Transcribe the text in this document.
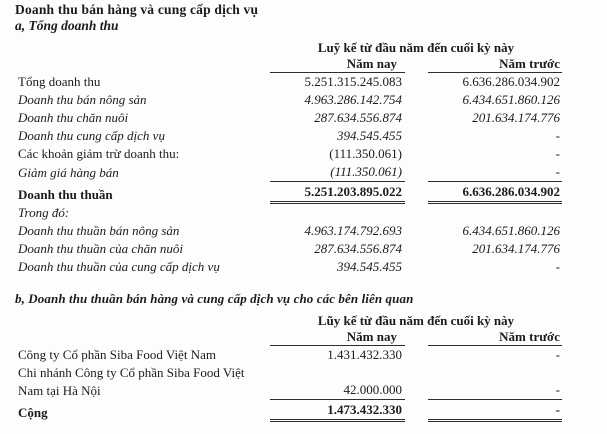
Doanh thu bán hàng và cung cấp dịch vụ
a, Tổng doanh thu
Luỹ kế từ đầu năm đến cuối kỳ này
Năm nay	Năm trước
Tổng doanh thu	5.251.315.245.083	6.636.286.034.902
Doanh thu bán nông sản	4.963.286.142.754	6.434.651.860.126
Doanh thu chăn nuôi	287.634.556.874	201.634.174.776
Doanh thu cung cấp dịch vụ	394.545.455	-
Các khoản giảm trừ doanh thu:	(111.350.061)	-
Giảm giá hàng bán	(111.350.061)	-
Doanh thu thuần	5.251.203.895.022	6.636.286.034.902
Trong đó:
Doanh thu thuần bán nông sản	4.963.174.792.693	6.434.651.860.126
Doanh thu thuần của chăn nuôi	287.634.556.874	201.634.174.776
Doanh thu thuần của cung cấp dịch vụ	394.545.455	-
b, Doanh thu thuần bán hàng và cung cấp dịch vụ cho các bên liên quan
Lũy kế từ đầu năm đến cuối kỳ này
Năm nay	Năm trước
Công ty Cổ phần Siba Food Việt Nam	1.431.432.330	-
Chi nhánh Công ty Cổ phần Siba Food Việt Nam tại Hà Nội	42.000.000	-
Cộng	1.473.432.330	-
